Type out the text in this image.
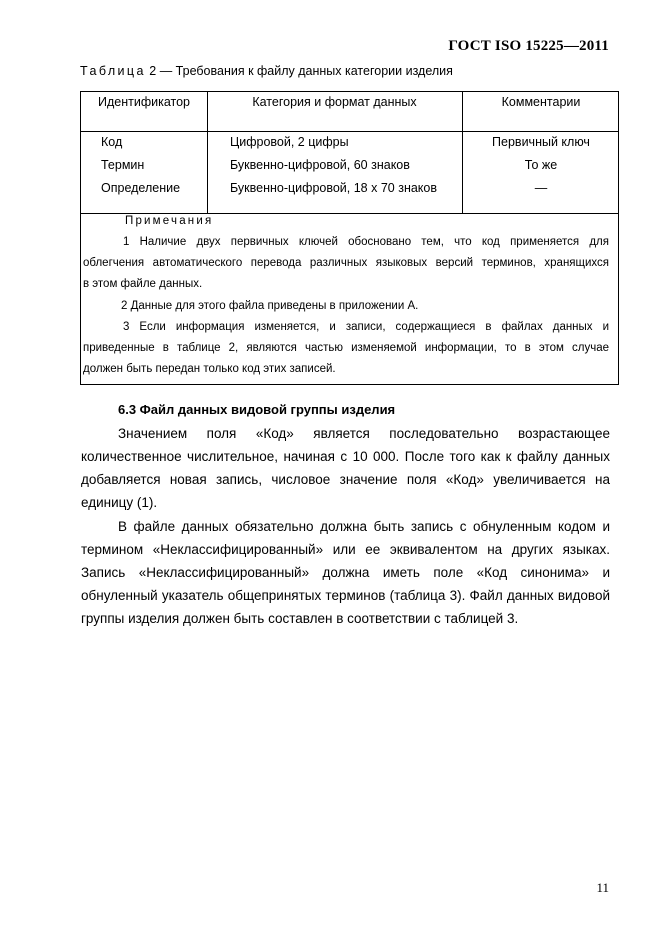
ГОСТ ISO 15225—2011
Таблица 2 — Требования к файлу данных категории изделия
Идентификатор	Категория и формат данных	Комментарии
Код	Цифровой, 2 цифры	Первичный ключ
Термин	Буквенно-цифровой, 60 знаков	То же
Определение	Буквенно-цифровой, 18 x 70 знаков	—
Примечания
1 Наличие двух первичных ключей обосновано тем, что код применяется для
облегчения автоматического перевода различных языковых версий терминов, хранящихся
в этом файле данных.
2 Данные для этого файла приведены в приложении А.
3 Если информация изменяется, и записи, содержащиеся в файлах данных и
приведенные в таблице 2, являются частью изменяемой информации, то в этом случае
должен быть передан только код этих записей.
6.3 Файл данных видовой группы изделия
Значением поля «Код» является последовательно возрастающее
количественное числительное, начиная с 10 000. После того как к файлу данных
добавляется новая запись, числовое значение поля «Код» увеличивается на
единицу (1).
В файле данных обязательно должна быть запись с обнуленным кодом и
термином «Неклассифицированный» или ее эквивалентом на других языках.
Запись «Неклассифицированный» должна иметь поле «Код синонима» и
обнуленный указатель общепринятых терминов (таблица 3). Файл данных видовой
группы изделия должен быть составлен в соответствии с таблицей 3.
11
